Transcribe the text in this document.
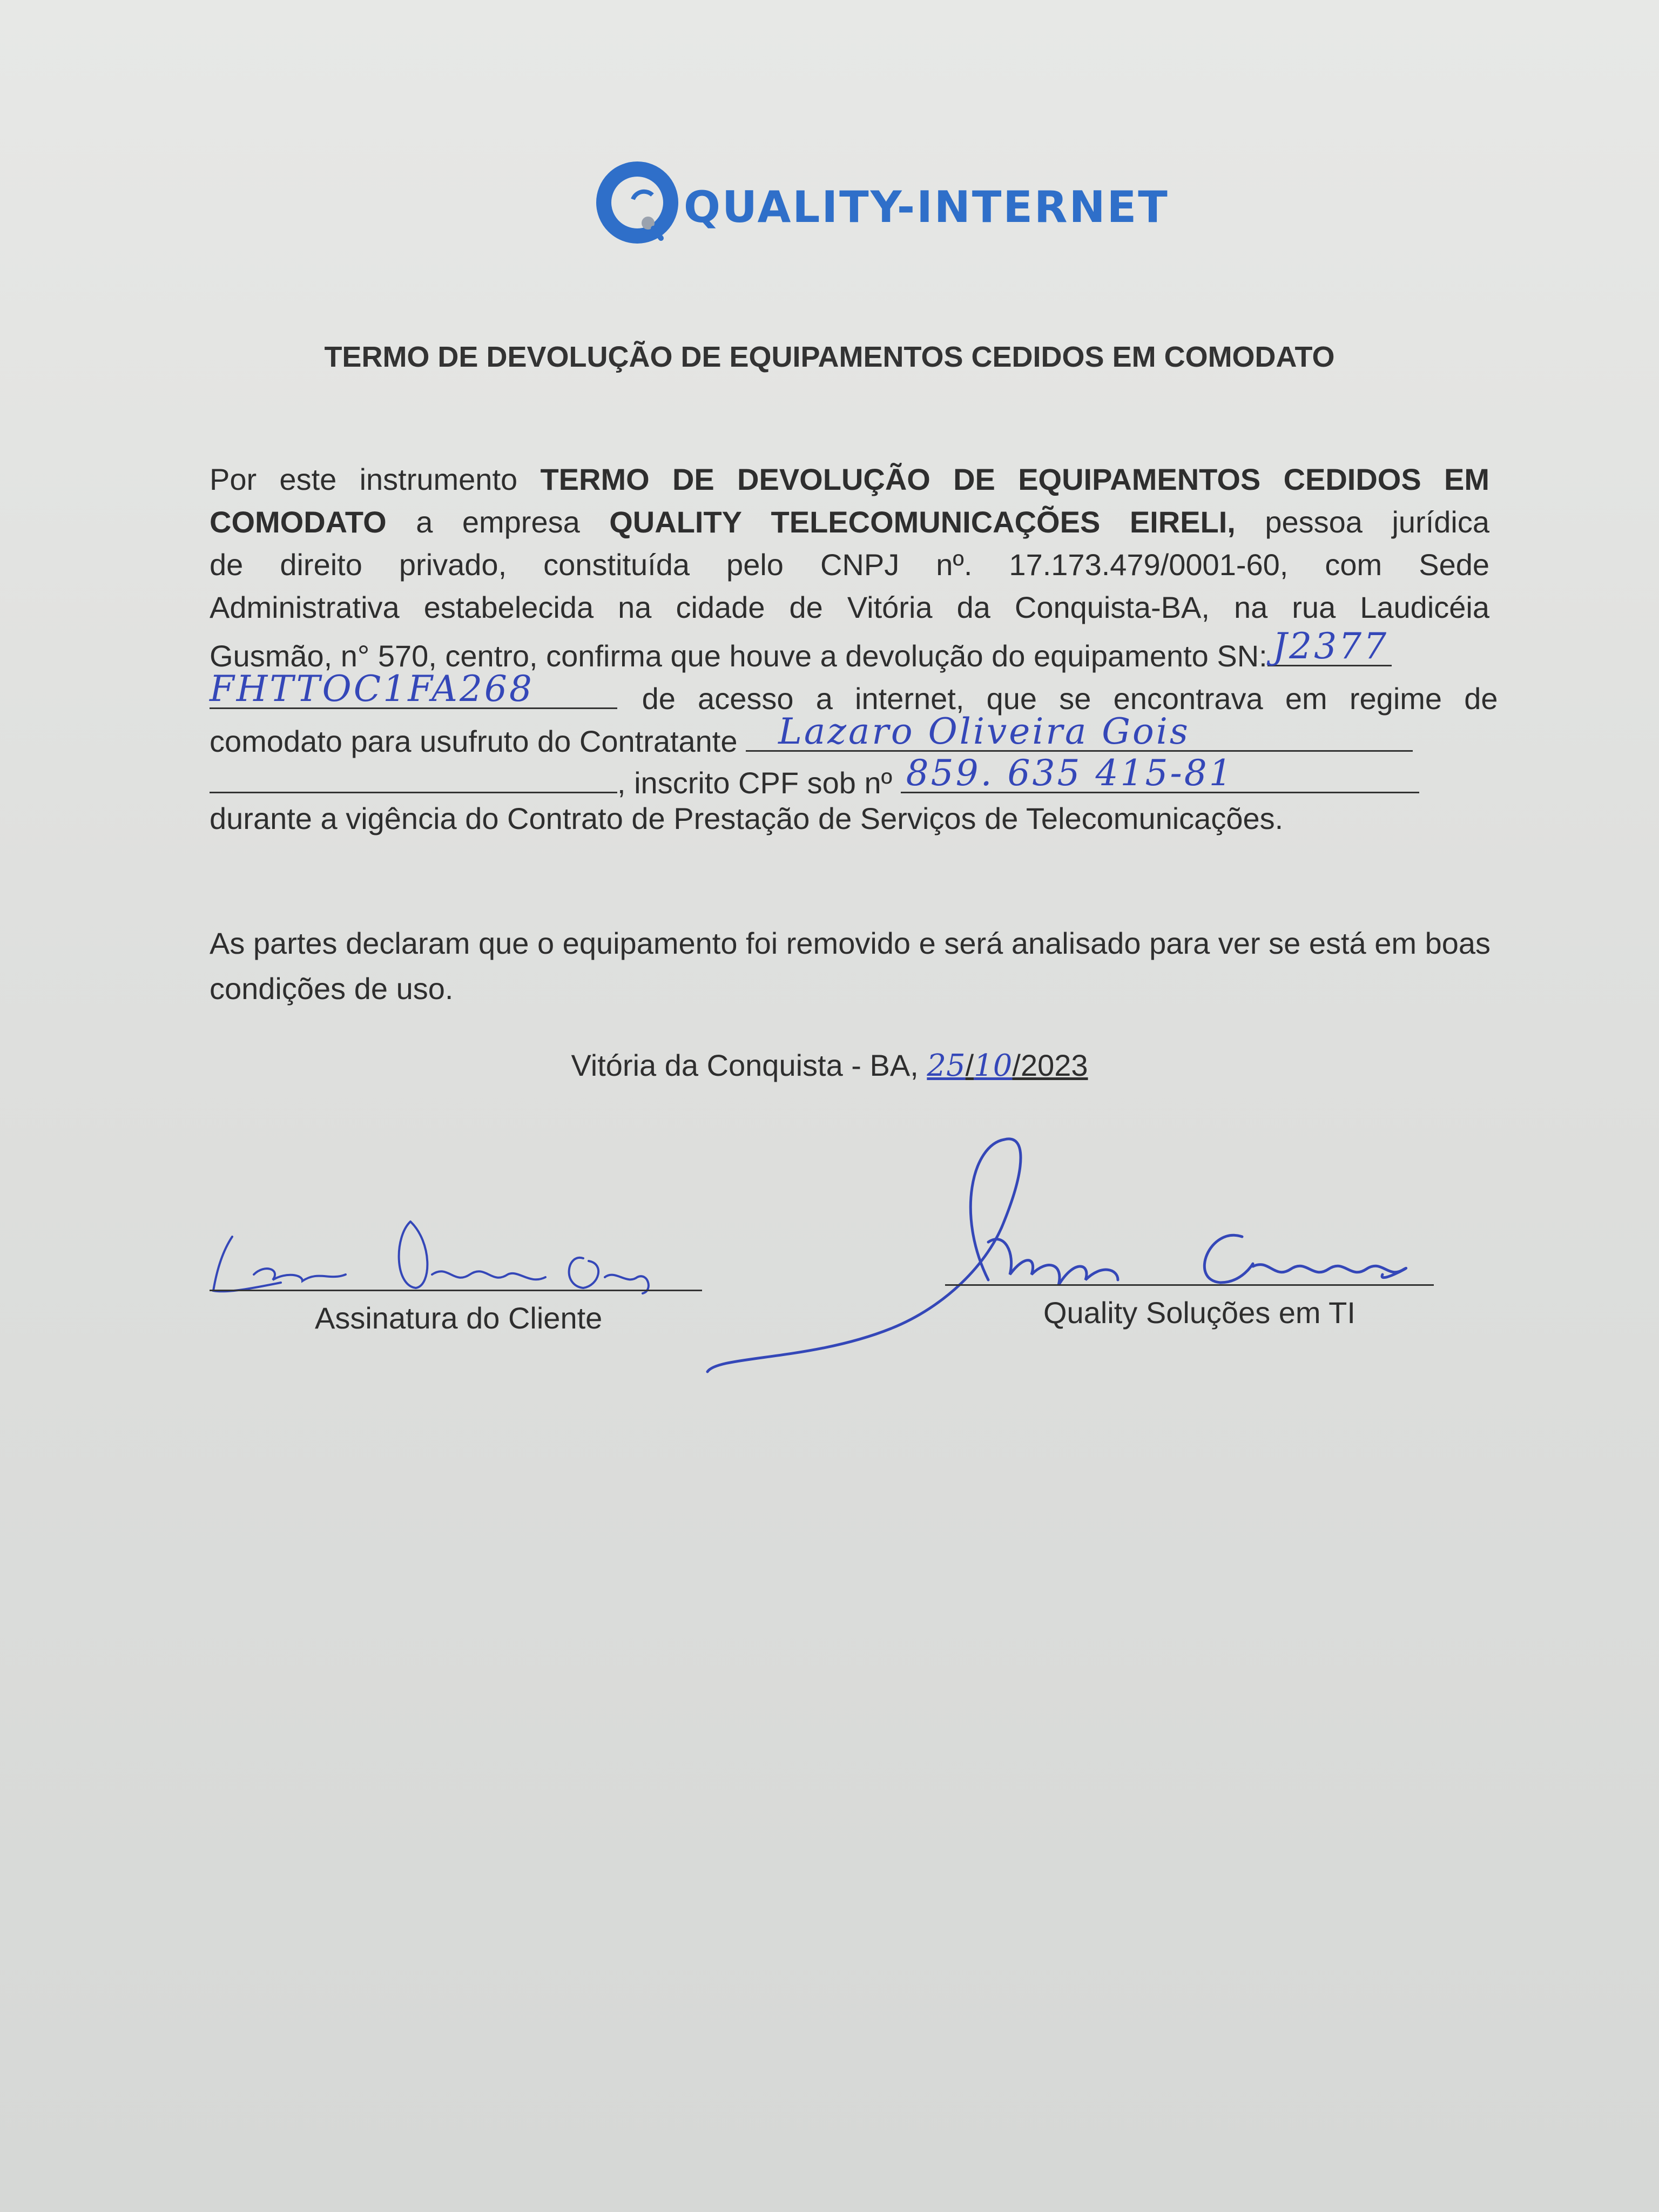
QUALITY-INTERNET
TERMO DE DEVOLUÇÃO DE EQUIPAMENTOS CEDIDOS EM COMODATO
Por este instrumento TERMO DE DEVOLUÇÃO DE EQUIPAMENTOS CEDIDOS EM
COMODATO a empresa QUALITY TELECOMUNICAÇÕES EIRELI, pessoa jurídica
de direito privado, constituída pelo CNPJ nº. 17.173.479/0001-60, com Sede
Administrativa estabelecida na cidade de Vitória da Conquista-BA, na rua Laudicéia
Gusmão, n° 570, centro, confirma que houve a devolução do equipamento SN: J2377
FHTTOC1FA268	de acesso a internet, que se encontrava em regime de
comodato para usufruto do Contratante Lazaro Oliveira Gois
, inscrito CPF sob nº 859. 635 415-81
durante a vigência do Contrato de Prestação de Serviços de Telecomunicações.
As partes declaram que o equipamento foi removido e será analisado para ver se está em boas condições de uso.
Vitória da Conquista - BA, 25/10/2023
Assinatura do Cliente	Quality Soluções em TI
